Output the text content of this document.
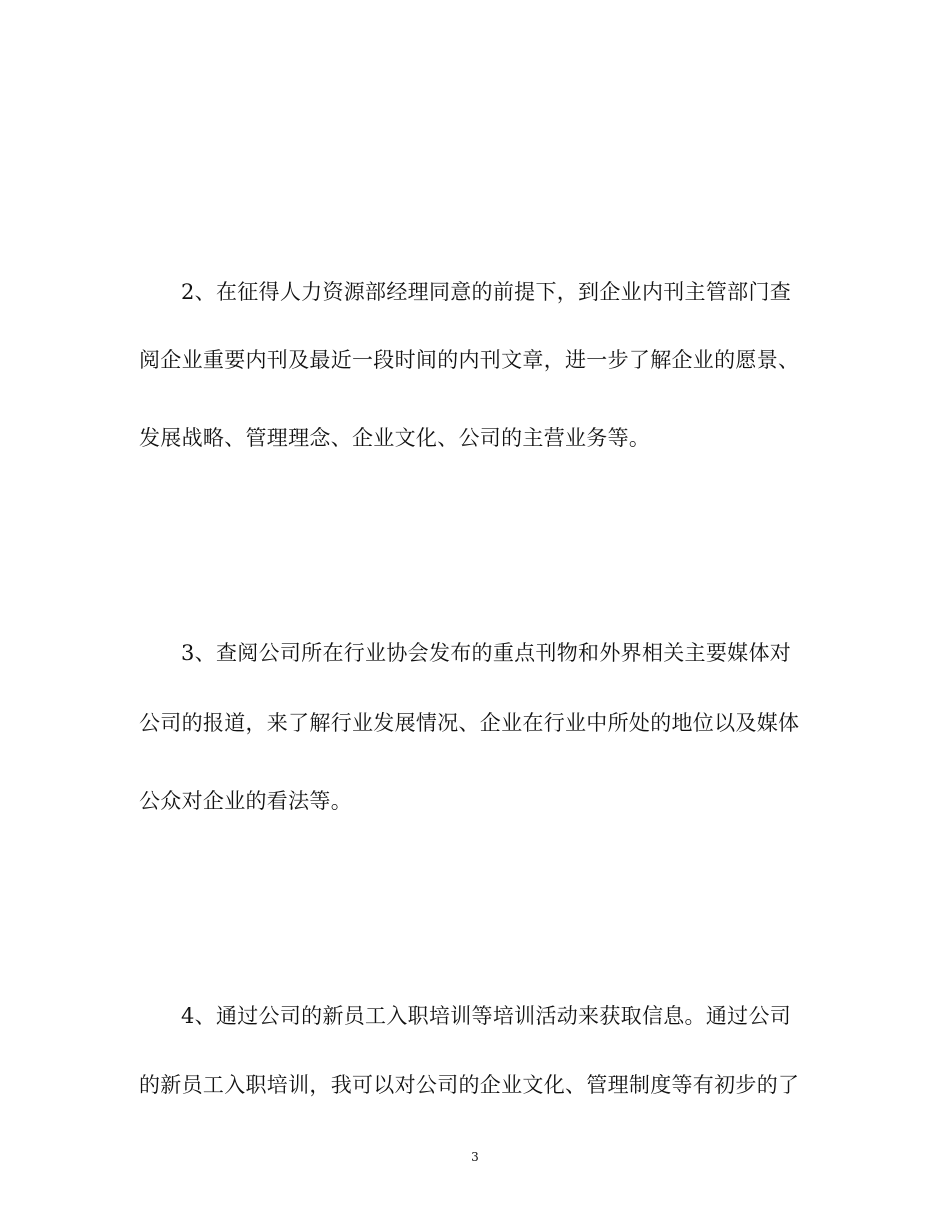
2、在征得人力资源部经理同意的前提下，到企业内刊主管部门查
阅企业重要内刊及最近一段时间的内刊文章，进一步了解企业的愿景、
发展战略、管理理念、企业文化、公司的主营业务等。
3、查阅公司所在行业协会发布的重点刊物和外界相关主要媒体对
公司的报道，来了解行业发展情况、企业在行业中所处的地位以及媒体
公众对企业的看法等。
4、通过公司的新员工入职培训等培训活动来获取信息。通过公司
的新员工入职培训，我可以对公司的企业文化、管理制度等有初步的了
3
